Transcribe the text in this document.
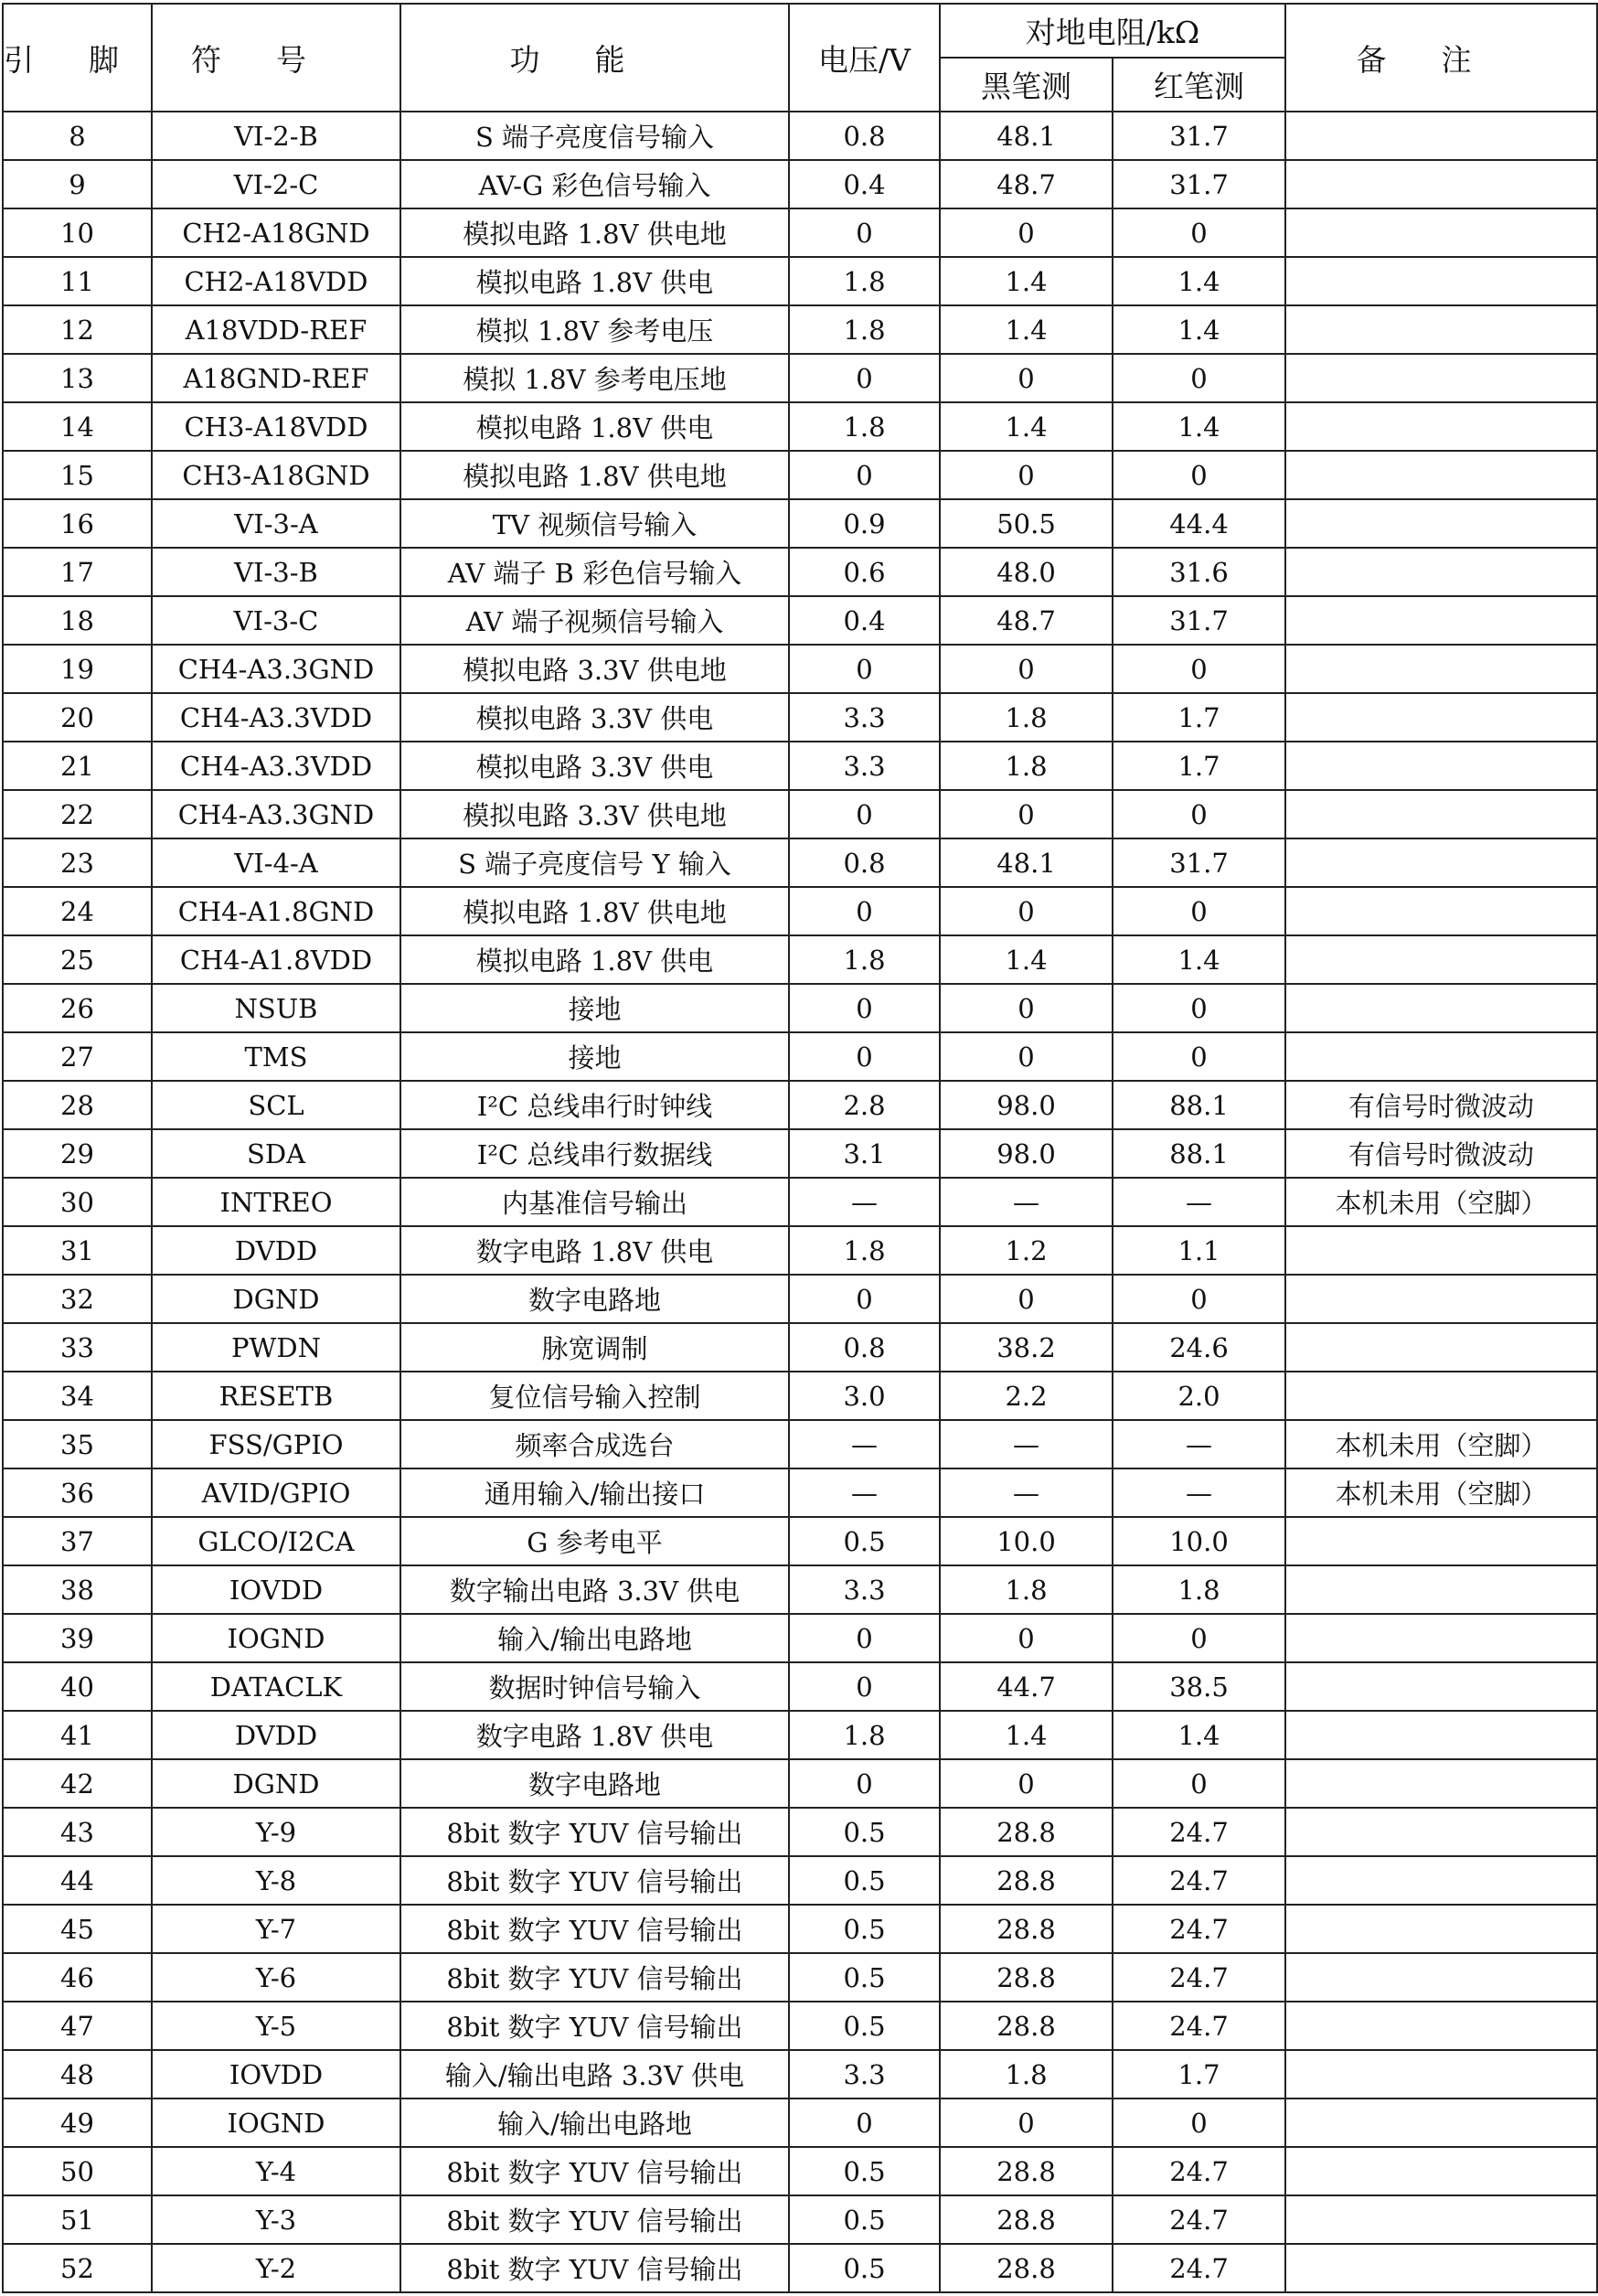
引脚	符号	功能	电压/V	对地电阻/kΩ		备注
				黑笔测	红笔测	
8	VI-2-B	S 端子亮度信号输入	0.8	48.1	31.7	
9	VI-2-C	AV-G 彩色信号输入	0.4	48.7	31.7	
10	CH2-A18GND	模拟电路 1.8V 供电地	0	0	0	
11	CH2-A18VDD	模拟电路 1.8V 供电	1.8	1.4	1.4	
12	A18VDD-REF	模拟 1.8V 参考电压	1.8	1.4	1.4	
13	A18GND-REF	模拟 1.8V 参考电压地	0	0	0	
14	CH3-A18VDD	模拟电路 1.8V 供电	1.8	1.4	1.4	
15	CH3-A18GND	模拟电路 1.8V 供电地	0	0	0	
16	VI-3-A	TV 视频信号输入	0.9	50.5	44.4	
17	VI-3-B	AV 端子 B 彩色信号输入	0.6	48.0	31.6	
18	VI-3-C	AV 端子视频信号输入	0.4	48.7	31.7	
19	CH4-A3.3GND	模拟电路 3.3V 供电地	0	0	0	
20	CH4-A3.3VDD	模拟电路 3.3V 供电	3.3	1.8	1.7	
21	CH4-A3.3VDD	模拟电路 3.3V 供电	3.3	1.8	1.7	
22	CH4-A3.3GND	模拟电路 3.3V 供电地	0	0	0	
23	VI-4-A	S 端子亮度信号 Y 输入	0.8	48.1	31.7	
24	CH4-A1.8GND	模拟电路 1.8V 供电地	0	0	0	
25	CH4-A1.8VDD	模拟电路 1.8V 供电	1.8	1.4	1.4	
26	NSUB	接地	0	0	0	
27	TMS	接地	0	0	0	
28	SCL	I²C 总线串行时钟线	2.8	98.0	88.1	有信号时微波动
29	SDA	I²C 总线串行数据线	3.1	98.0	88.1	有信号时微波动
30	INTREO	内基准信号输出	—	—	—	本机未用（空脚）
31	DVDD	数字电路 1.8V 供电	1.8	1.2	1.1	
32	DGND	数字电路地	0	0	0	
33	PWDN	脉宽调制	0.8	38.2	24.6	
34	RESETB	复位信号输入控制	3.0	2.2	2.0	
35	FSS/GPIO	频率合成选台	—	—	—	本机未用（空脚）
36	AVID/GPIO	通用输入/输出接口	—	—	—	本机未用（空脚）
37	GLCO/I2CA	G 参考电平	0.5	10.0	10.0	
38	IOVDD	数字输出电路 3.3V 供电	3.3	1.8	1.8	
39	IOGND	输入/输出电路地	0	0	0	
40	DATACLK	数据时钟信号输入	0	44.7	38.5	
41	DVDD	数字电路 1.8V 供电	1.8	1.4	1.4	
42	DGND	数字电路地	0	0	0	
43	Y-9	8bit 数字 YUV 信号输出	0.5	28.8	24.7	
44	Y-8	8bit 数字 YUV 信号输出	0.5	28.8	24.7	
45	Y-7	8bit 数字 YUV 信号输出	0.5	28.8	24.7	
46	Y-6	8bit 数字 YUV 信号输出	0.5	28.8	24.7	
47	Y-5	8bit 数字 YUV 信号输出	0.5	28.8	24.7	
48	IOVDD	输入/输出电路 3.3V 供电	3.3	1.8	1.7	
49	IOGND	输入/输出电路地	0	0	0	
50	Y-4	8bit 数字 YUV 信号输出	0.5	28.8	24.7	
51	Y-3	8bit 数字 YUV 信号输出	0.5	28.8	24.7	
52	Y-2	8bit 数字 YUV 信号输出	0.5	28.8	24.7	
